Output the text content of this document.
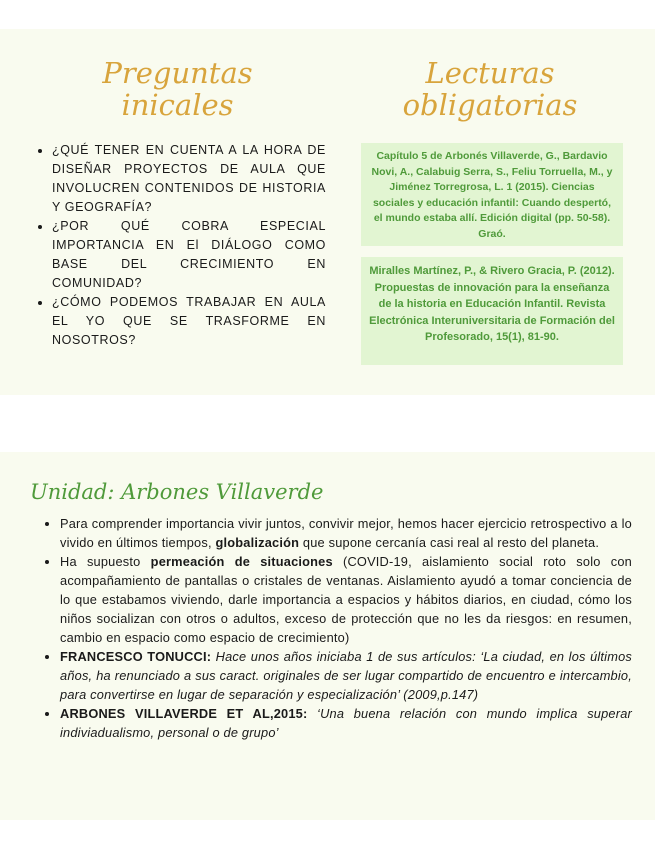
Preguntas inicales
Lecturas obligatorias
• ¿QUÉ TENER EN CUENTA A LA HORA DE DISEÑAR PROYECTOS DE AULA QUE INVOLUCREN CONTENIDOS DE HISTORIA Y GEOGRAFÍA?
• ¿POR QUÉ COBRA ESPECIAL IMPORTANCIA EN El DIÁLOGO COMO BASE DEL CRECIMIENTO EN COMUNIDAD?
• ¿CÓMO PODEMOS TRABAJAR EN AULA EL YO QUE SE TRASFORME EN NOSOTROS?
Capítulo 5 de Arbonés Villaverde, G., Bardavio Novi, A., Calabuig Serra, S., Feliu Torruella, M., y Jiménez Torregrosa, L. 1 (2015). Ciencias sociales y educación infantil: Cuando despertó, el mundo estaba allí. Edición digital (pp. 50-58). Graó.
Miralles Martínez, P., & Rivero Gracia, P. (2012). Propuestas de innovación para la enseñanza de la historia en Educación Infantil. Revista Electrónica Interuniversitaria de Formación del Profesorado, 15(1), 81-90.
Unidad: Arbones Villaverde
• Para comprender importancia vivir juntos, convivir mejor, hemos hacer ejercicio retrospectivo a lo vivido en últimos tiempos, globalización que supone cercanía casi real al resto del planeta.
• Ha supuesto permeación de situaciones (COVID-19, aislamiento social roto solo con acompañamiento de pantallas o cristales de ventanas. Aislamiento ayudó a tomar conciencia de lo que estabamos viviendo, darle importancia a espacios y hábitos diarios, en ciudad, cómo los niños socializan con otros o adultos, exceso de protección que no les da riesgos: en resumen, cambio en espacio como espacio de crecimiento)
• FRANCESCO TONUCCI: Hace unos años iniciaba 1 de sus artículos: ‘La ciudad, en los últimos años, ha renunciado a sus caract. originales de ser lugar compartido de encuentro e intercambio, para convertirse en lugar de separación y especialización’ (2009,p.147)
• ARBONES VILLAVERDE ET AL,2015: ‘Una buena relación con mundo implica superar indiviadualismo, personal o de grupo’
